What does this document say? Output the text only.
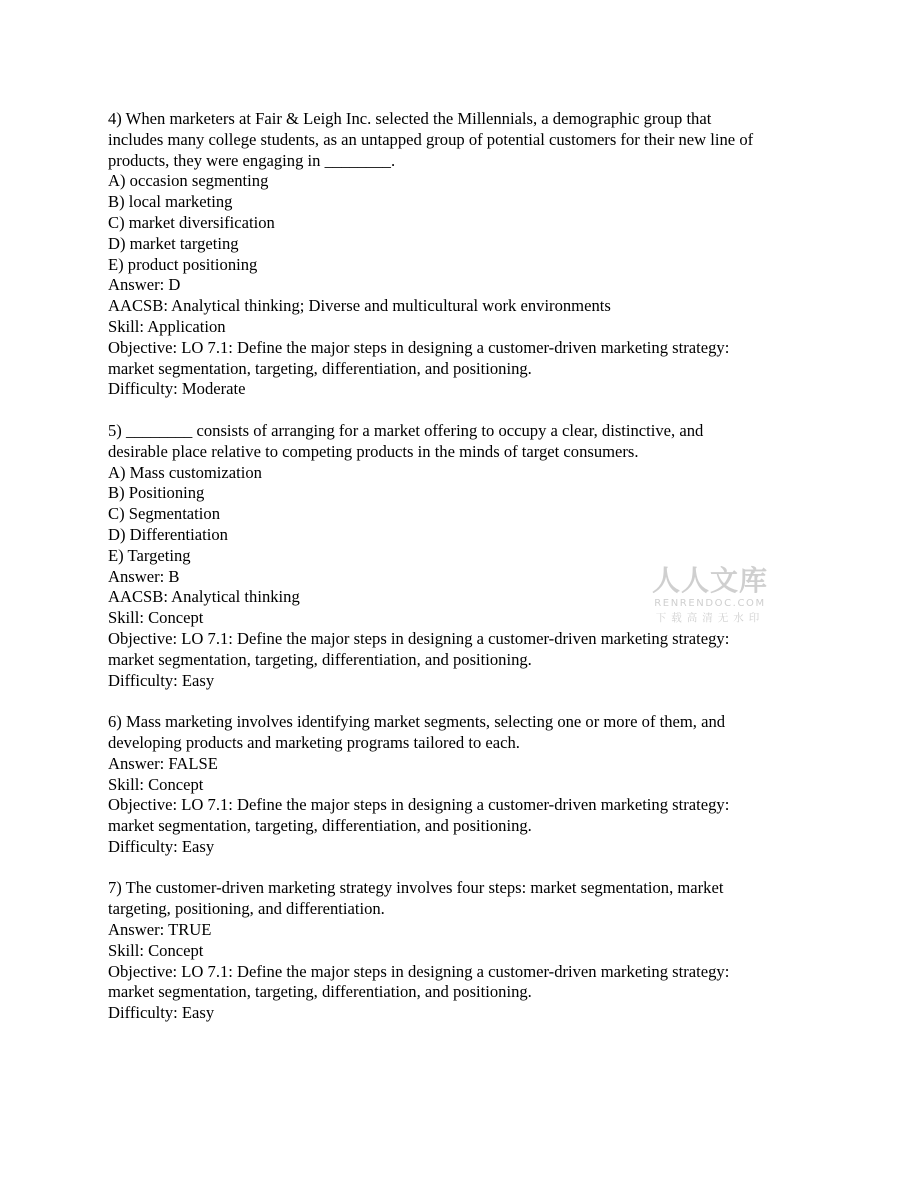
4) When marketers at Fair & Leigh Inc. selected the Millennials, a demographic group that

includes many college students, as an untapped group of potential customers for their new line of

products, they were engaging in ________.

A) occasion segmenting

B) local marketing

C) market diversification

D) market targeting

E) product positioning

Answer: D

AACSB: Analytical thinking; Diverse and multicultural work environments

Skill: Application

Objective: LO 7.1: Define the major steps in designing a customer-driven marketing strategy:

market segmentation, targeting, differentiation, and positioning.

Difficulty: Moderate

5) ________ consists of arranging for a market offering to occupy a clear, distinctive, and

desirable place relative to competing products in the minds of target consumers.

A) Mass customization

B) Positioning

C) Segmentation

D) Differentiation

E) Targeting

Answer: B

AACSB: Analytical thinking

Skill: Concept

Objective: LO 7.1: Define the major steps in designing a customer-driven marketing strategy:

market segmentation, targeting, differentiation, and positioning.

Difficulty: Easy

6) Mass marketing involves identifying market segments, selecting one or more of them, and

developing products and marketing programs tailored to each.

Answer: FALSE

Skill: Concept

Objective: LO 7.1: Define the major steps in designing a customer-driven marketing strategy:

market segmentation, targeting, differentiation, and positioning.

Difficulty: Easy

7) The customer-driven marketing strategy involves four steps: market segmentation, market

targeting, positioning, and differentiation.

Answer: TRUE

Skill: Concept

Objective: LO 7.1: Define the major steps in designing a customer-driven marketing strategy:

market segmentation, targeting, differentiation, and positioning.

Difficulty: Easy

人人文库
RENRENDOC.COM
下载高清无水印
